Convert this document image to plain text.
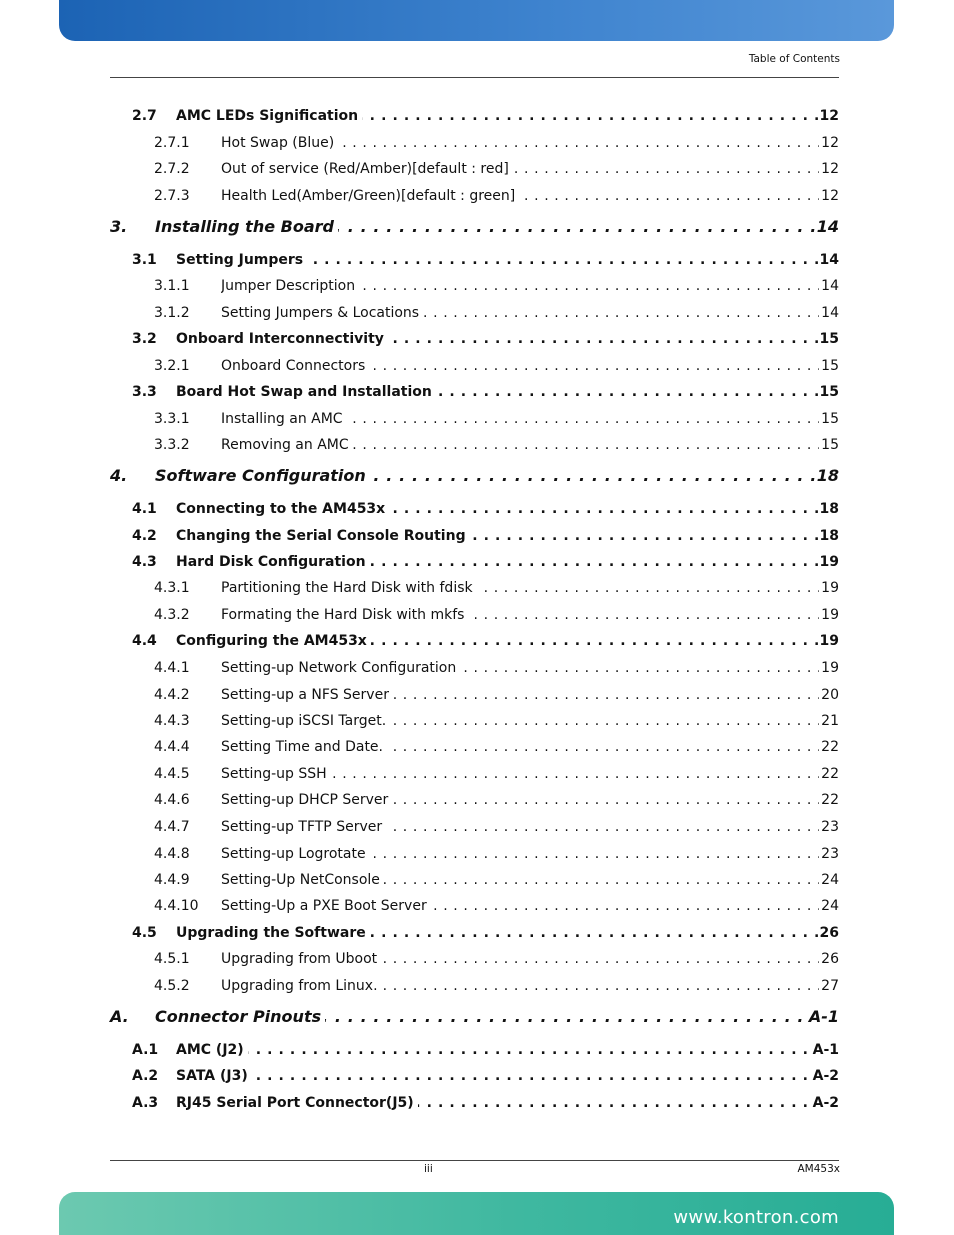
Table of Contents
2.7 AMC LEDs Signification . . .	12
2.7.1 Hot Swap (Blue) . . .	12
2.7.2 Out of service (Red/Amber)[default : red] . . .	12
2.7.3 Health Led(Amber/Green)[default : green] . . .	12
3. Installing the Board . . .	14
3.1 Setting Jumpers . . .	14
3.1.1 Jumper Description . . .	14
3.1.2 Setting Jumpers & Locations . . .	14
3.2 Onboard Interconnectivity . . .	15
3.2.1 Onboard Connectors . . .	15
3.3 Board Hot Swap and Installation . . .	15
3.3.1 Installing an AMC . . .	15
3.3.2 Removing an AMC . . .	15
4. Software Configuration . . .	18
4.1 Connecting to the AM453x . . .	18
4.2 Changing the Serial Console Routing . . .	18
4.3 Hard Disk Configuration . . .	19
4.3.1 Partitioning the Hard Disk with fdisk . . .	19
4.3.2 Formating the Hard Disk with mkfs . . .	19
4.4 Configuring the AM453x . . .	19
4.4.1 Setting-up Network Configuration . . .	19
4.4.2 Setting-up a NFS Server . . .	20
4.4.3 Setting-up iSCSI Target. . . .	21
4.4.4 Setting Time and Date. . . .	22
4.4.5 Setting-up SSH . . .	22
4.4.6 Setting-up DHCP Server . . .	22
4.4.7 Setting-up TFTP Server . . .	23
4.4.8 Setting-up Logrotate . . .	23
4.4.9 Setting-Up NetConsole . . .	24
4.4.10 Setting-Up a PXE Boot Server . . .	24
4.5 Upgrading the Software . . .	26
4.5.1 Upgrading from Uboot . . .	26
4.5.2 Upgrading from Linux. . . .	27
A. Connector Pinouts . . .	A-1
A.1 AMC (J2) . . .	A-1
A.2 SATA (J3) . . .	A-2
A.3 RJ45 Serial Port Connector(J5) . . .	A-2
iii	AM453x
www.kontron.com
